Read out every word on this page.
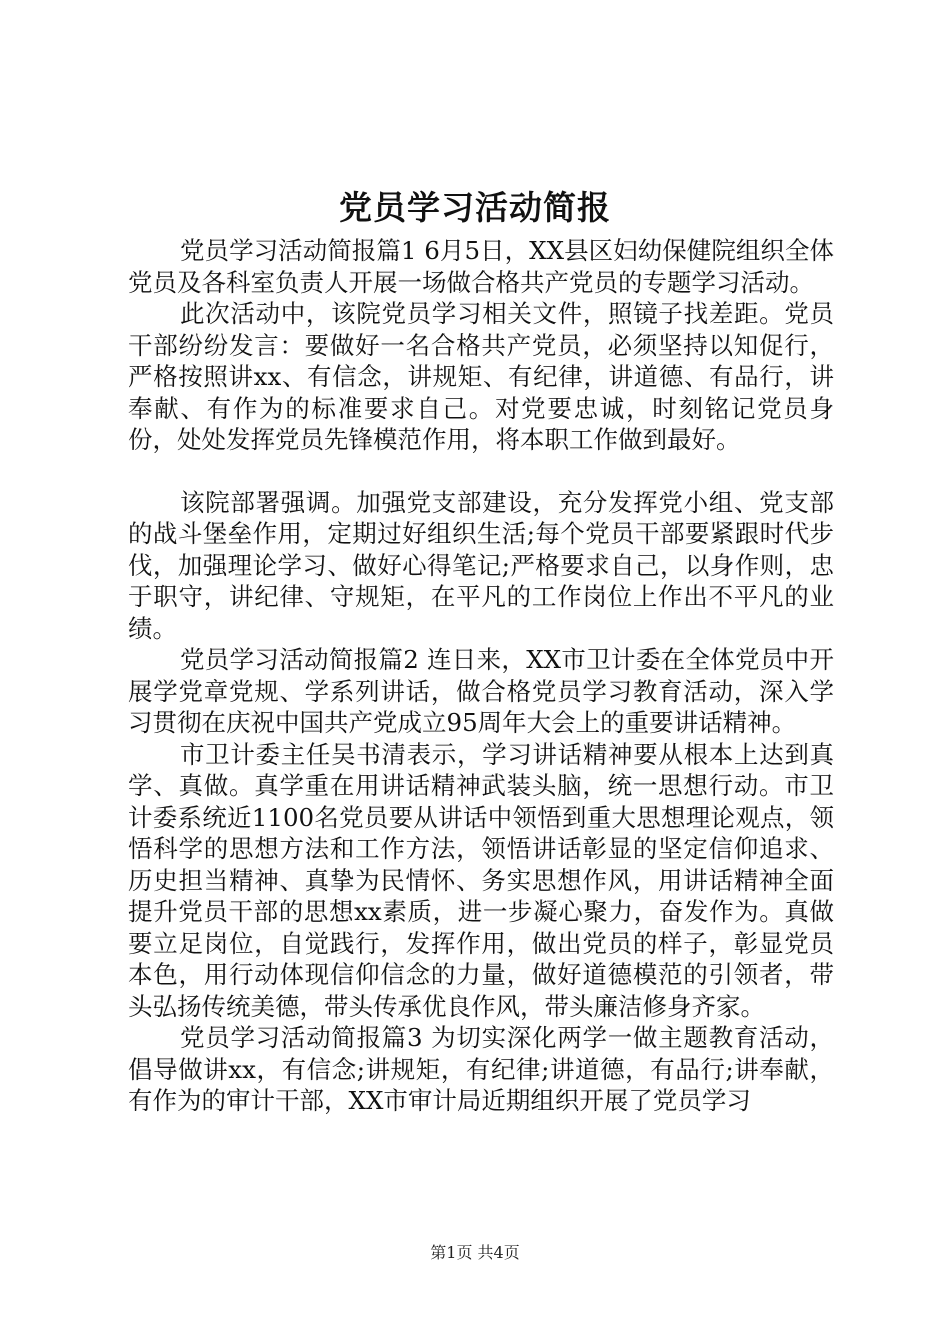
党员学习活动简报

党员学习活动简报篇1 6月5日，XX县区妇幼保健院组织全体党员及各科室负责人开展一场做合格共产党员的专题学习活动。

此次活动中，该院党员学习相关文件，照镜子找差距。党员干部纷纷发言：要做好一名合格共产党员，必须坚持以知促行，严格按照讲xx、有信念，讲规矩、有纪律，讲道德、有品行，讲奉献、有作为的标准要求自己。对党要忠诚，时刻铭记党员身份，处处发挥党员先锋模范作用，将本职工作做到最好。

该院部署强调。加强党支部建设，充分发挥党小组、党支部的战斗堡垒作用，定期过好组织生活;每个党员干部要紧跟时代步伐，加强理论学习、做好心得笔记;严格要求自己，以身作则，忠于职守，讲纪律、守规矩，在平凡的工作岗位上作出不平凡的业绩。

党员学习活动简报篇2 连日来，XX市卫计委在全体党员中开展学党章党规、学系列讲话，做合格党员学习教育活动，深入学习贯彻在庆祝中国共产党成立95周年大会上的重要讲话精神。

市卫计委主任吴书清表示，学习讲话精神要从根本上达到真学、真做。真学重在用讲话精神武装头脑，统一思想行动。市卫计委系统近1100名党员要从讲话中领悟到重大思想理论观点，领悟科学的思想方法和工作方法，领悟讲话彰显的坚定信仰追求、历史担当精神、真挚为民情怀、务实思想作风，用讲话精神全面提升党员干部的思想xx素质，进一步凝心聚力，奋发作为。真做要立足岗位，自觉践行，发挥作用，做出党员的样子，彰显党员本色，用行动体现信仰信念的力量，做好道德模范的引领者，带头弘扬传统美德，带头传承优良作风，带头廉洁修身齐家。

党员学习活动简报篇3 为切实深化两学一做主题教育活动，倡导做讲xx，有信念;讲规矩，有纪律;讲道德，有品行;讲奉献，有作为的审计干部，XX市审计局近期组织开展了党员学习

第1页 共4页
